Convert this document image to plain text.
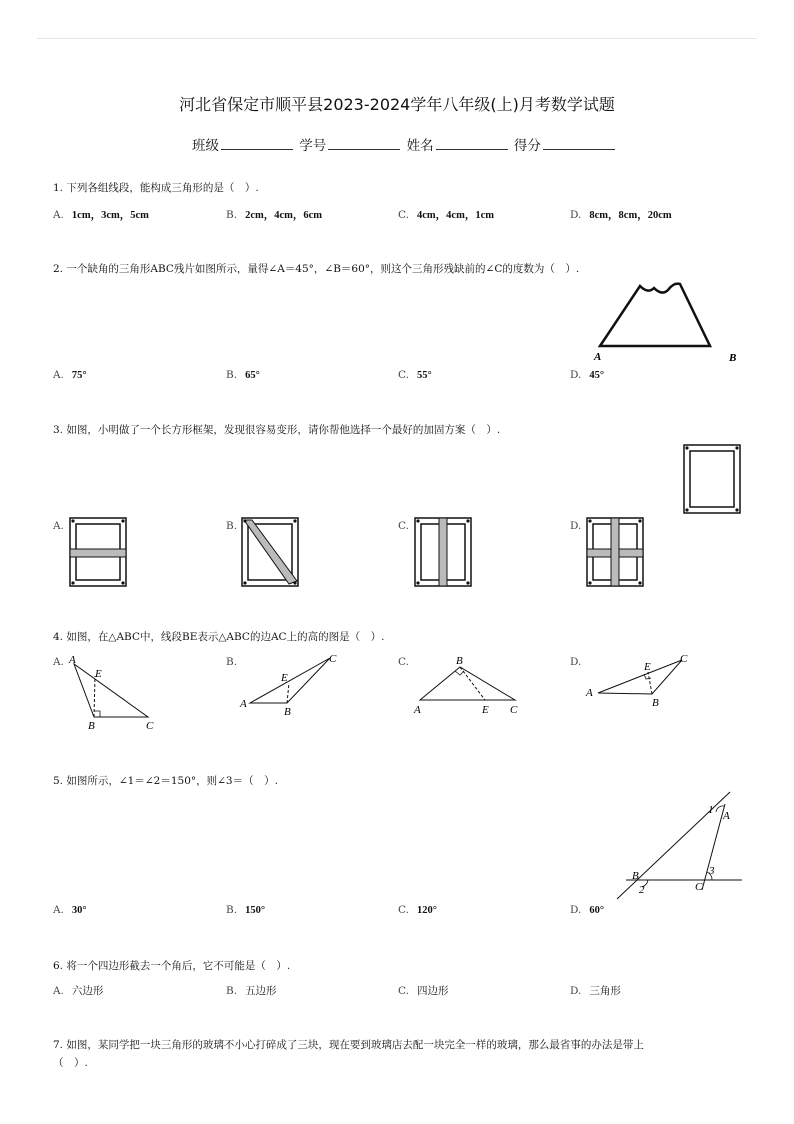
河北省保定市顺平县2023-2024学年八年级(上)月考数学试题
班级	学号	姓名	得分
1. 下列各组线段，能构成三角形的是（　）.
A. 1cm，3cm，5cm	B. 2cm，4cm，6cm	C. 4cm，4cm，1cm	D. 8cm，8cm，20cm
2. 一个缺角的三角形ABC残片如图所示，量得∠A＝45°，∠B＝60°，则这个三角形残缺前的∠C的度数为（　）.
A	B
A. 75°	B. 65°	C. 55°	D. 45°
3. 如图，小明做了一个长方形框架，发现很容易变形，请你帮他选择一个最好的加固方案（　）.
A.	B.	C.	D.
4. 如图，在△ABC中，线段BE表示△ABC的边AC上的高的图是（　）.
A. A
E
B	C
B.
A
E
B
C	C.	B
A	E C
D.
A
E
B
C
5. 如图所示，∠1＝∠2＝150°，则∠3＝（　）.
1 A
B
2	C
3
A. 30°	B. 150°	C. 120°	D. 60°
6. 将一个四边形截去一个角后，它不可能是（　）.
A. 六边形	B. 五边形	C. 四边形	D. 三角形
7. 如图，某同学把一块三角形的玻璃不小心打碎成了三块，现在要到玻璃店去配一块完全一样的玻璃，那么最省事的办法是带上
（　）.
